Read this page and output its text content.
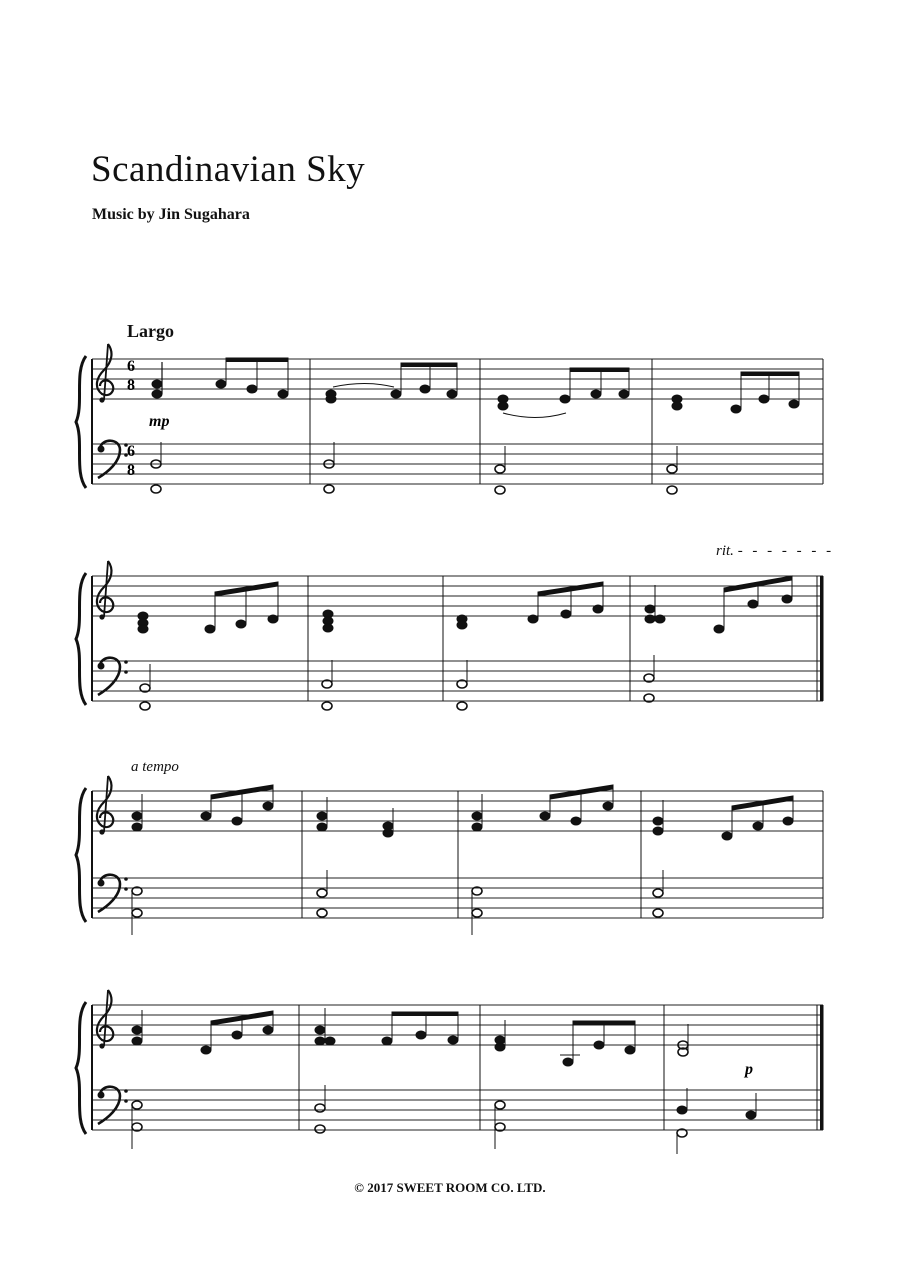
Scandinavian Sky
Music by Jin Sugahara
Largo
rit. - - - - - - -
a tempo
6
8
6
8
mp
p
© 2017 SWEET ROOM CO. LTD.
